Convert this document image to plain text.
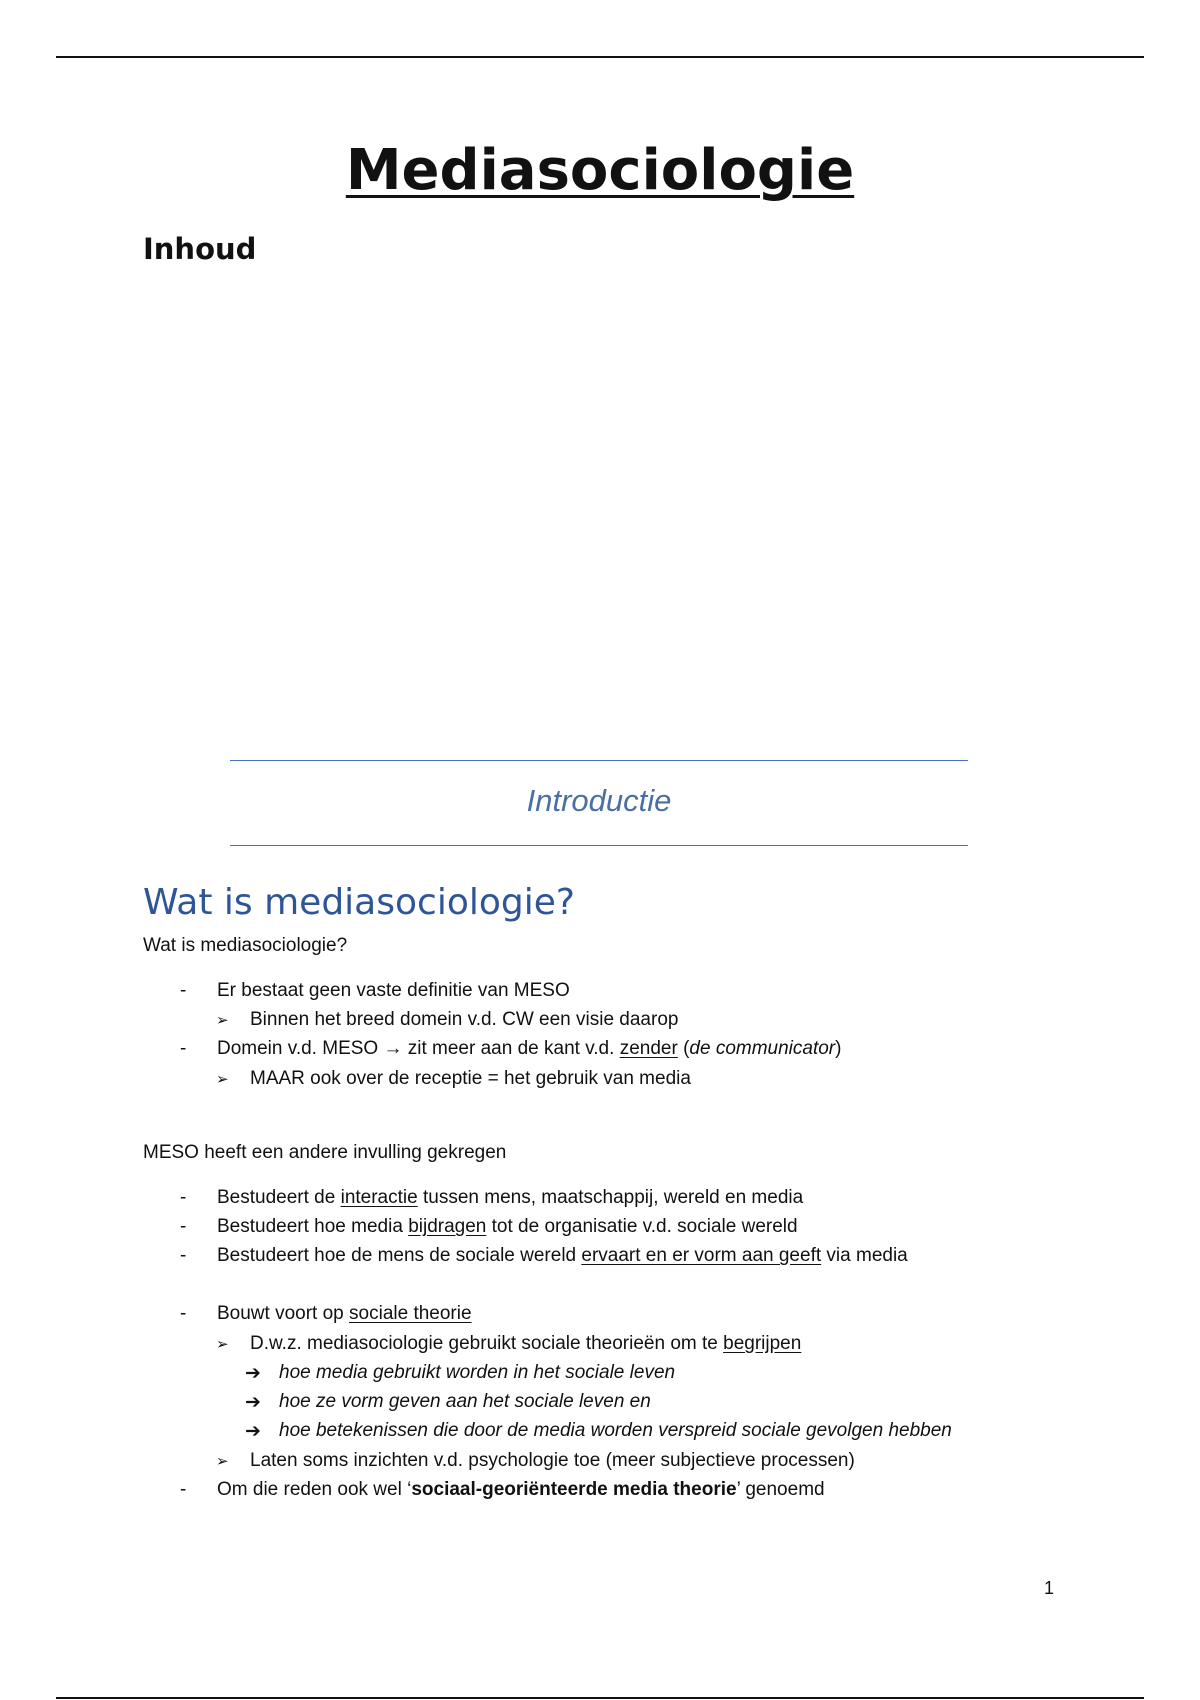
Mediasociologie
Inhoud
Introductie
Wat is mediasociologie?
Wat is mediasociologie?
- Er bestaat geen vaste definitie van MESO
➢ Binnen het breed domein v.d. CW een visie daarop
- Domein v.d. MESO → zit meer aan de kant v.d. zender (de communicator)
➢ MAAR ook over de receptie = het gebruik van media
MESO heeft een andere invulling gekregen
- Bestudeert de interactie tussen mens, maatschappij, wereld en media
- Bestudeert hoe media bijdragen tot de organisatie v.d. sociale wereld
- Bestudeert hoe de mens de sociale wereld ervaart en er vorm aan geeft via media
- Bouwt voort op sociale theorie
➢ D.w.z. mediasociologie gebruikt sociale theorieën om te begrijpen
➔ hoe media gebruikt worden in het sociale leven
➔ hoe ze vorm geven aan het sociale leven en
➔ hoe betekenissen die door de media worden verspreid sociale gevolgen hebben
➢ Laten soms inzichten v.d. psychologie toe (meer subjectieve processen)
- Om die reden ook wel ‘sociaal-georiënteerde media theorie’ genoemd
1
